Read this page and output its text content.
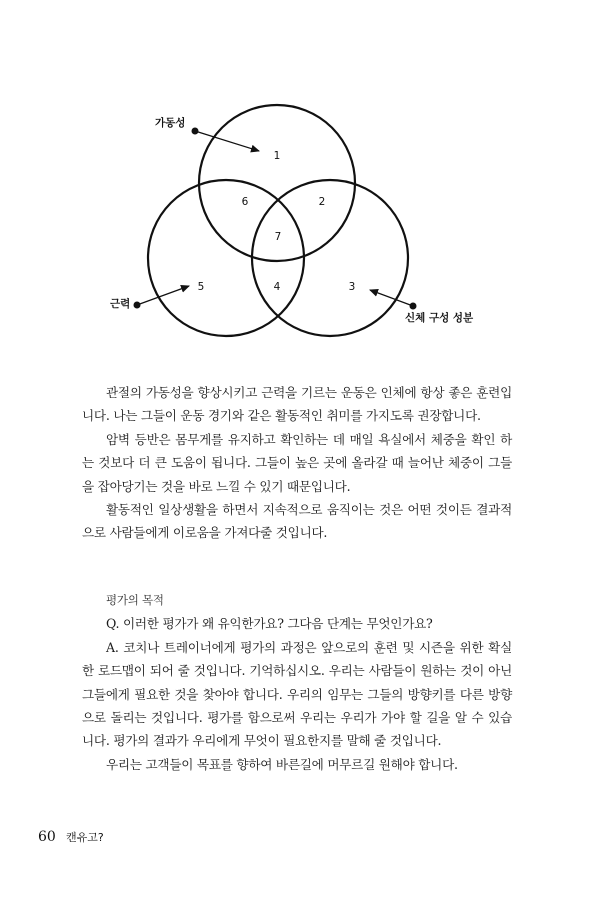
1
2
3
4
5
6
7
가동성
근력
신체 구성 성분

관절의 가동성을 향상시키고 근력을 기르는 운동은 인체에 항상 좋은 훈련입니다. 나는 그들이 운동 경기와 같은 활동적인 취미를 가지도록 권장합니다.

암벽 등반은 몸무게를 유지하고 확인하는 데 매일 욕실에서 체중을 확인 하는 것보다 더 큰 도움이 됩니다. 그들이 높은 곳에 올라갈 때 늘어난 체중이 그들을 잡아당기는 것을 바로 느낄 수 있기 때문입니다.

활동적인 일상생활을 하면서 지속적으로 움직이는 것은 어떤 것이든 결과적으로 사람들에게 이로움을 가져다줄 것입니다.

평가의 목적

Q. 이러한 평가가 왜 유익한가요? 그다음 단계는 무엇인가요?

A. 코치나 트레이너에게 평가의 과정은 앞으로의 훈련 및 시즌을 위한 확실한 로드맵이 되어 줄 것입니다. 기억하십시오. 우리는 사람들이 원하는 것이 아닌 그들에게 필요한 것을 찾아야 합니다. 우리의 임무는 그들의 방향키를 다른 방향으로 돌리는 것입니다. 평가를 함으로써 우리는 우리가 가야 할 길을 알 수 있습니다. 평가의 결과가 우리에게 무엇이 필요한지를 말해 줄 것입니다.

우리는 고객들이 목표를 향하여 바른길에 머무르길 원해야 합니다.

60 캔유고?
